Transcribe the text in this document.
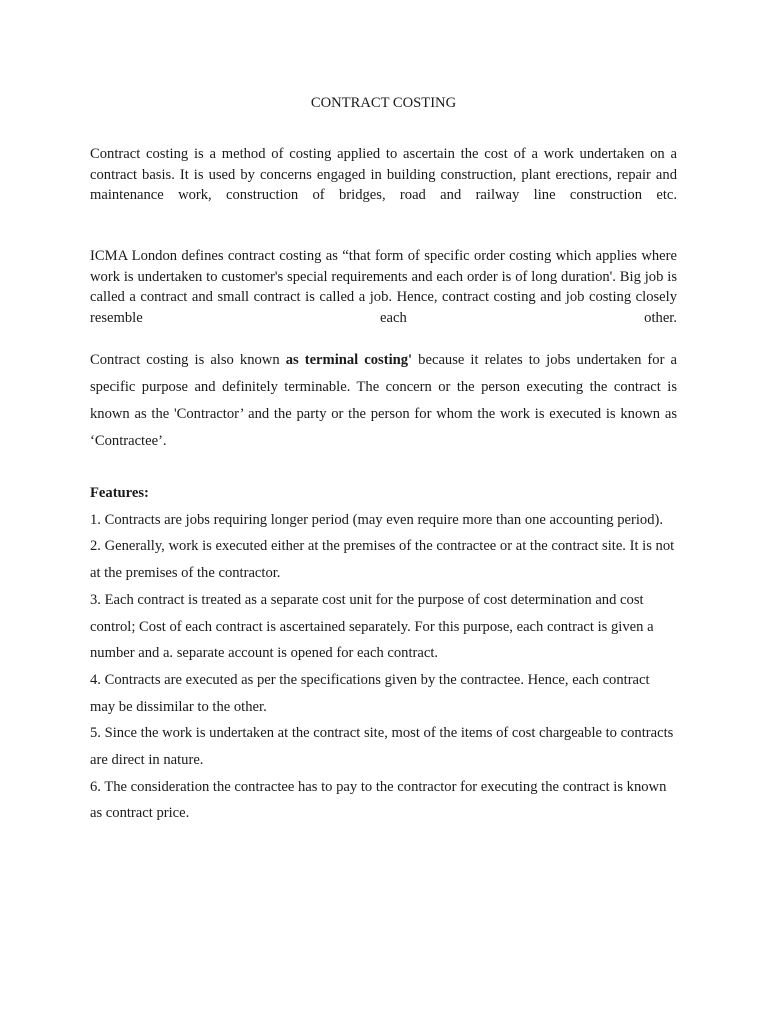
CONTRACT COSTING

Contract costing is a method of costing applied to ascertain the cost of a work undertaken on a contract basis. It is used by concerns engaged in building construction, plant erections, repair and maintenance work, construction of bridges, road and railway line construction etc.

ICMA London defines contract costing as “that form of specific order costing which applies where work is undertaken to customer's special requirements and each order is of long duration'. Big job is called a contract and small contract is called a job. Hence, contract costing and job costing closely resemble each other.

Contract costing is also known as terminal costing' because it relates to jobs undertaken for a specific purpose and definitely terminable. The concern or the person executing the contract is known as the 'Contractor’ and the party or the person for whom the work is executed is known as ‘Contractee’.

Features:
1. Contracts are jobs requiring longer period (may even require more than one accounting period).
2. Generally, work is executed either at the premises of the contractee or at the contract site. It is not at the premises of the contractor.
3. Each contract is treated as a separate cost unit for the purpose of cost determination and cost control; Cost of each contract is ascertained separately. For this purpose, each contract is given a number and a. separate account is opened for each contract.
4. Contracts are executed as per the specifications given by the contractee. Hence, each contract may be dissimilar to the other.
5. Since the work is undertaken at the contract site, most of the items of cost chargeable to contracts are direct in nature.
6. The consideration the contractee has to pay to the contractor for executing the contract is known as contract price.
